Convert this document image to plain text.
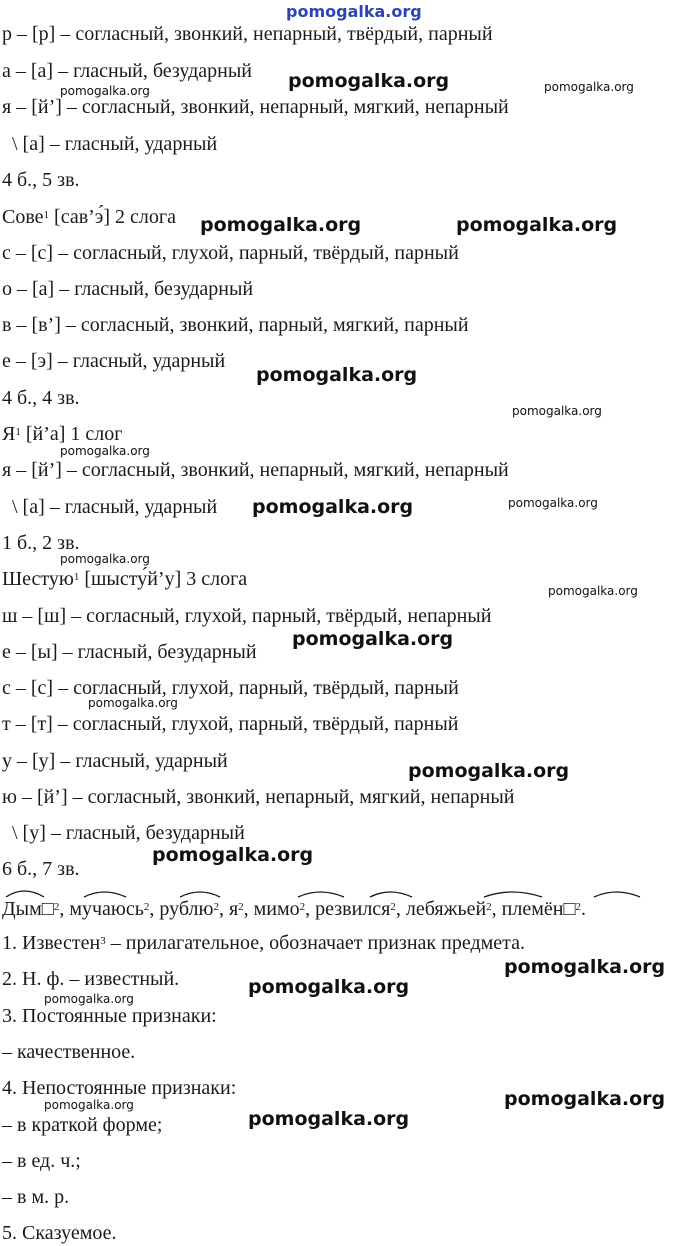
pomogalka.org
р – [р] – согласный, звонкий, непарный, твёрдый, парный
а – [а] – гласный, безударный
я – [й’] – согласный, звонкий, непарный, мягкий, непарный
\ [а] – гласный, ударный
4 б., 5 зв.
Сове$^1$ [сав’э́] 2 слога
с – [с] – согласный, глухой, парный, твёрдый, парный
о – [а] – гласный, безударный
в – [в’] – согласный, звонкий, парный, мягкий, парный
е – [э] – гласный, ударный
4 б., 4 зв.
$Я^1$ [й’а] 1 слог
я – [й’] – согласный, звонкий, непарный, мягкий, непарный
\ [а] – гласный, ударный
1 б., 2 зв.
Шестую$^1$ [шысту́й’у] 3 слога
ш – [ш] – согласный, глухой, парный, твёрдый, непарный
е – [ы] – гласный, безударный
с – [с] – согласный, глухой, парный, твёрдый, парный
т – [т] – согласный, глухой, парный, твёрдый, парный
у – [у] – гласный, ударный
ю – [й’] – согласный, звонкий, непарный, мягкий, непарный
\ [у] – гласный, безударный
6 б., 7 зв.
Дым□$^2$, мучаюсь$^2$, рублю$^2$, $я^2$, мимо$^2$, резвился$^2$, лебяжьей$^2$, племён□$^2$.
1. Известен$^3$ – прилагательное, обозначает признак предмета.
2. Н. ф. – известный.
3. Постоянные признаки:
– качественное.
4. Непостоянные признаки:
– в краткой форме;
– в ед. ч.;
– в м. р.
5. Сказуемое.
pomogalka.org
pomogalka.org	pomogalka.org
pomogalka.org	pomogalka.org
pomogalka.org
pomogalka.org
pomogalka.org
pomogalka.org	pomogalka.org
pomogalka.org
pomogalka.org
pomogalka.org
pomogalka.org
pomogalka.org
pomogalka.org
pomogalka.org
pomogalka.org
pomogalka.org
pomogalka.org	pomogalka.org
pomogalka.org
